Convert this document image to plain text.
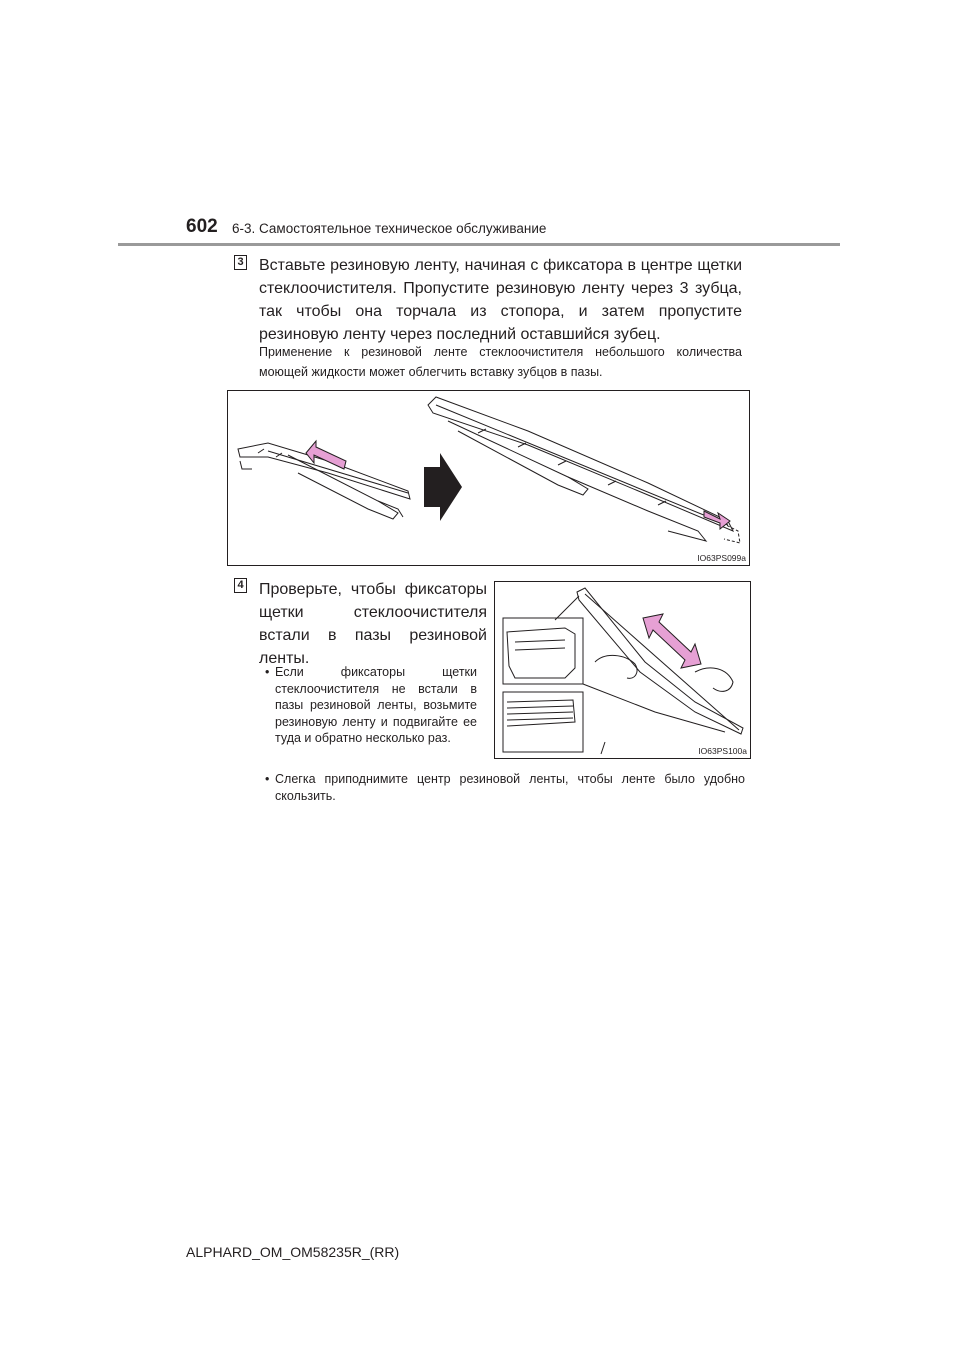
602 6-3. Самостоятельное техническое обслуживание
3 Вставьте резиновую ленту, начиная с фиксатора в центре щетки стеклоочистителя. Пропустите резиновую ленту через 3 зубца, так чтобы она торчала из стопора, и затем пропустите резиновую ленту через последний оставшийся зубец.
Применение к резиновой ленте стеклоочистителя небольшого количества моющей жидкости может облегчить вставку зубцов в пазы.
IO63PS099a
4 Проверьте, чтобы фиксаторы щетки стеклоочистителя встали в пазы резиновой ленты.
• Если фиксаторы щетки стеклоочистителя не встали в пазы резиновой ленты, возьмите резиновую ленту и подвигайте ее туда и обратно несколько раз.
• Слегка приподнимите центр резиновой ленты, чтобы ленте было удобно скользить.
IO63PS100a
ALPHARD_OM_OM58235R_(RR)
